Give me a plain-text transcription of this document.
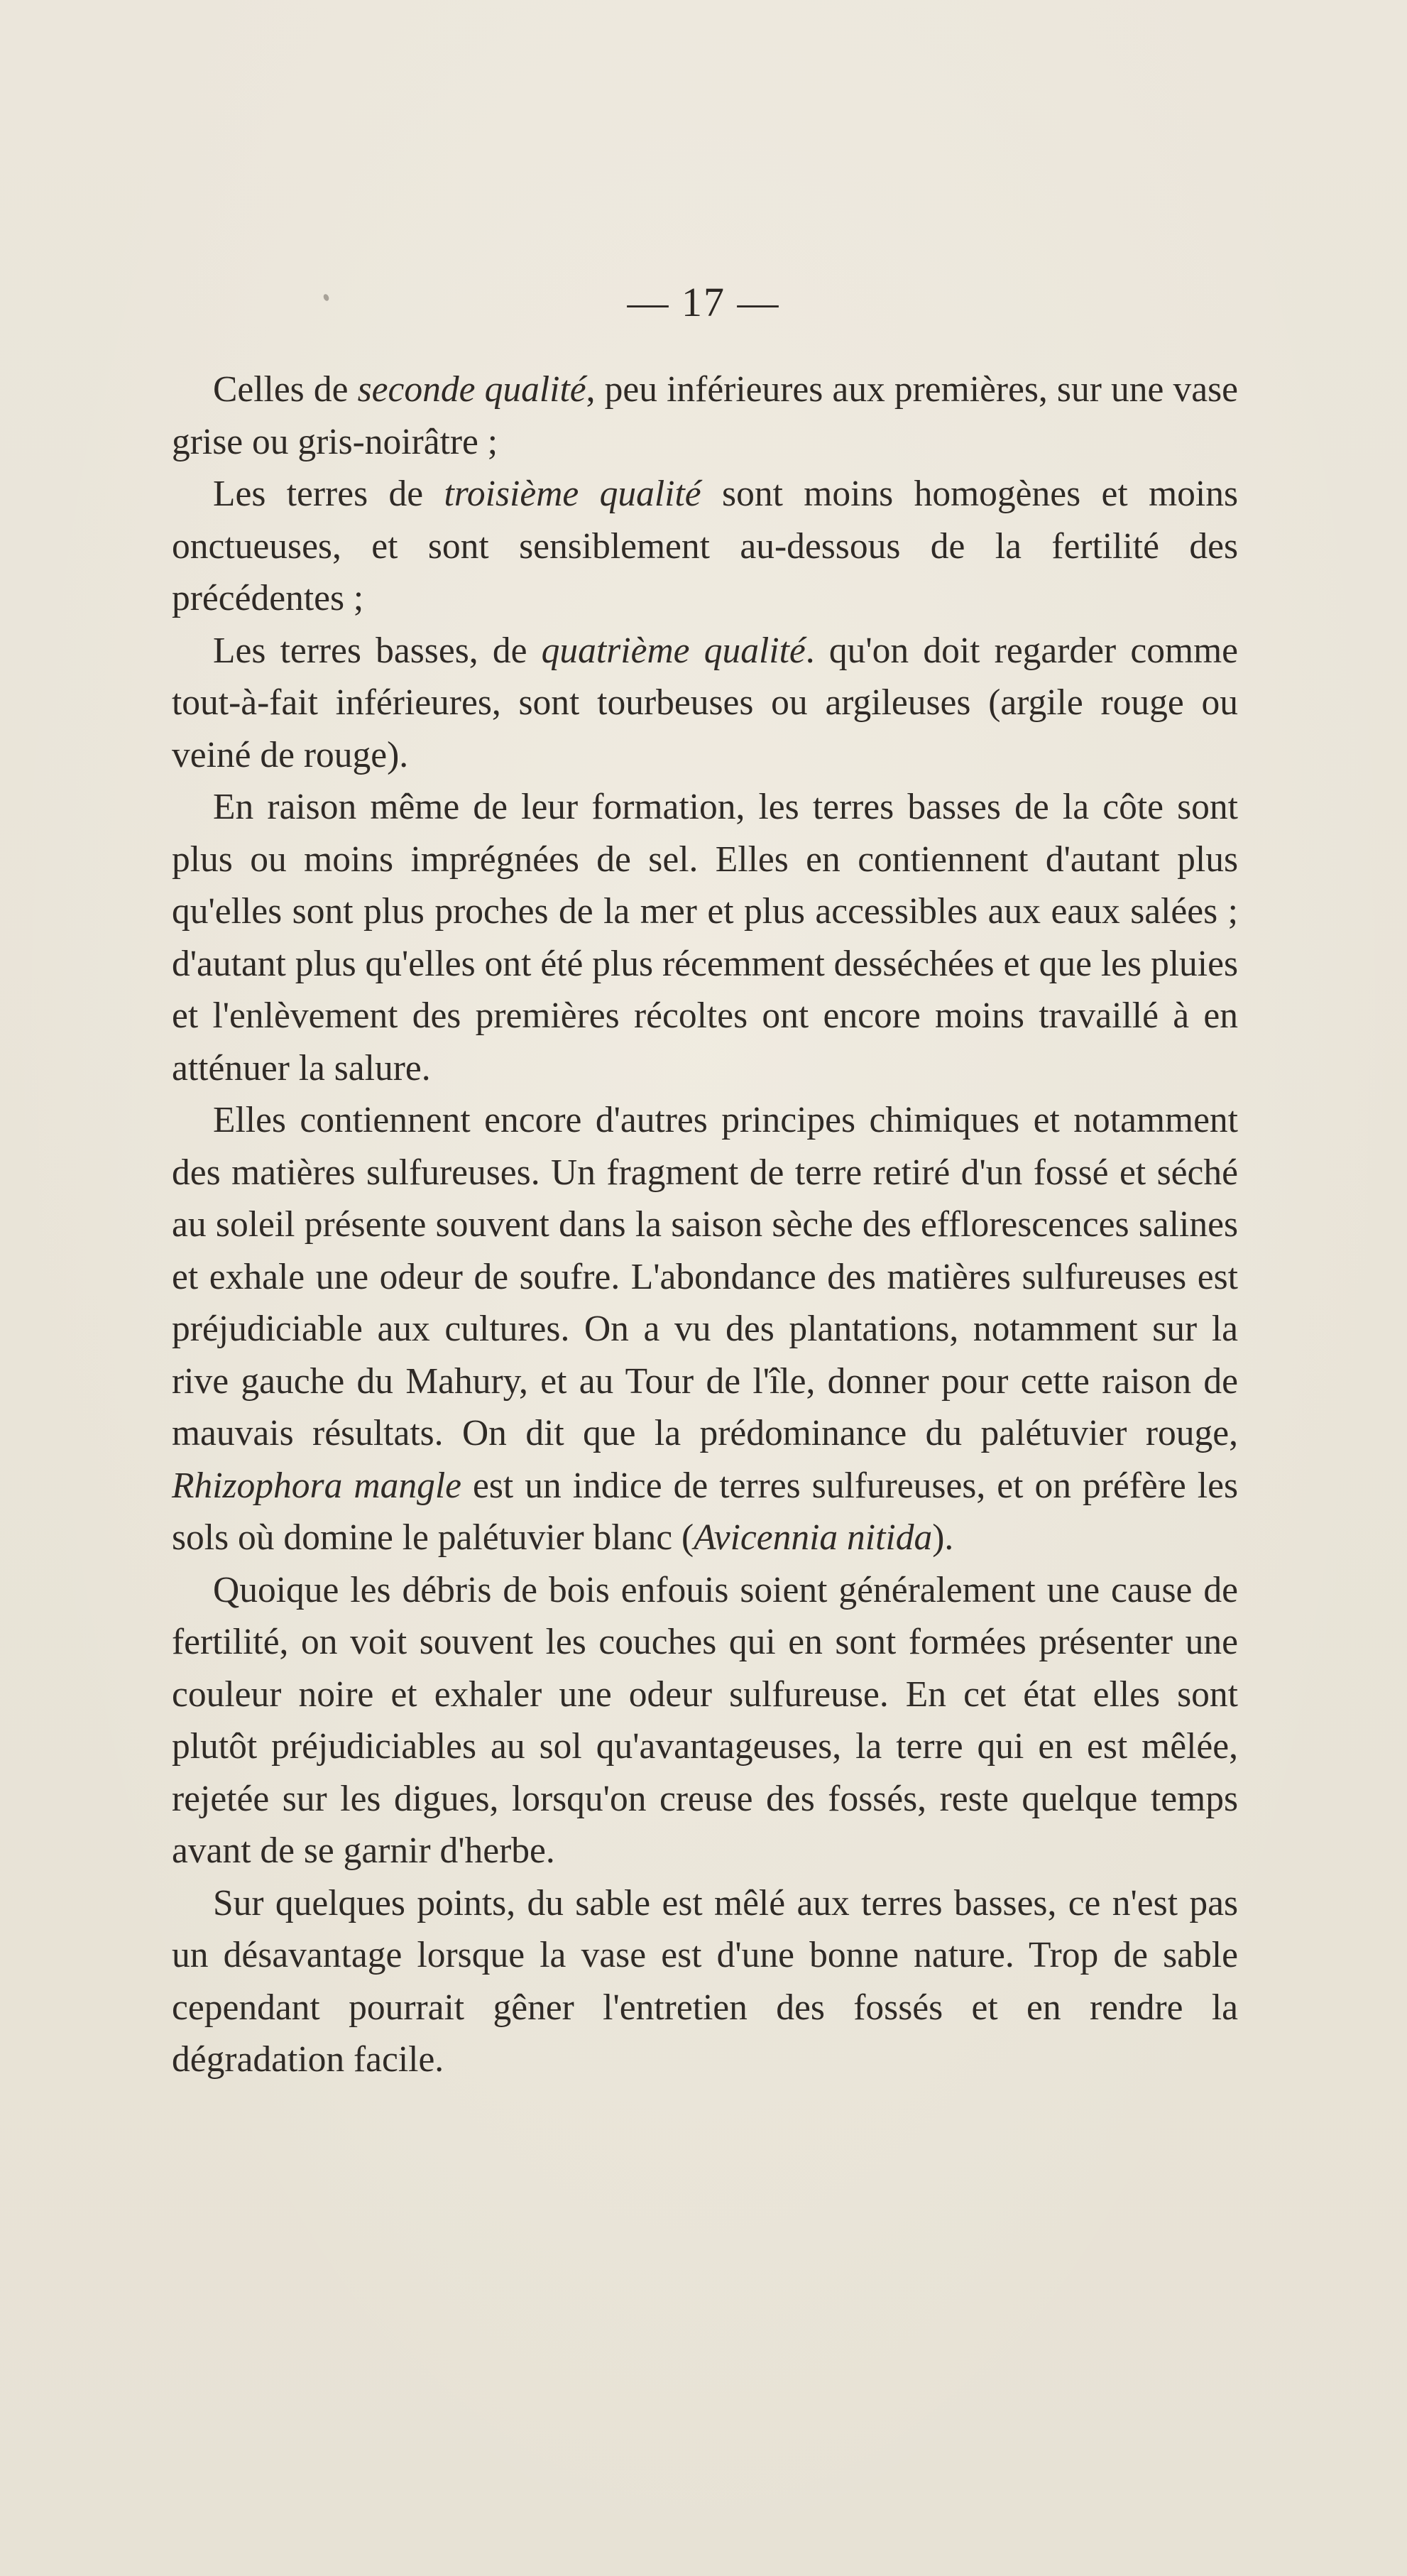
— 17 —

Celles de seconde qualité, peu inférieures aux premières, sur une vase grise ou gris-noirâtre ;

Les terres de troisième qualité sont moins homogènes et moins onctueuses, et sont sensiblement au-dessous de la fertilité des précédentes ;

Les terres basses, de quatrième qualité. qu'on doit regarder comme tout-à-fait inférieures, sont tourbeuses ou argileuses (argile rouge ou veiné de rouge).

En raison même de leur formation, les terres basses de la côte sont plus ou moins imprégnées de sel. Elles en contiennent d'autant plus qu'elles sont plus proches de la mer et plus accessibles aux eaux salées ; d'autant plus qu'elles ont été plus récemment desséchées et que les pluies et l'enlèvement des premières récoltes ont encore moins travaillé à en atténuer la salure.

Elles contiennent encore d'autres principes chimiques et notamment des matières sulfureuses. Un fragment de terre retiré d'un fossé et séché au soleil présente souvent dans la saison sèche des efflorescences salines et exhale une odeur de soufre. L'abondance des matières sulfureuses est préjudiciable aux cultures. On a vu des plantations, notamment sur la rive gauche du Mahury, et au Tour de l'île, donner pour cette raison de mauvais résultats. On dit que la prédominance du palétuvier rouge, Rhizophora mangle est un indice de terres sulfureuses, et on préfère les sols où domine le palétuvier blanc (Avicennia nitida).

Quoique les débris de bois enfouis soient généralement une cause de fertilité, on voit souvent les couches qui en sont formées présenter une couleur noire et exhaler une odeur sulfureuse. En cet état elles sont plutôt préjudiciables au sol qu'avantageuses, la terre qui en est mêlée, rejetée sur les digues, lorsqu'on creuse des fossés, reste quelque temps avant de se garnir d'herbe.

Sur quelques points, du sable est mêlé aux terres basses, ce n'est pas un désavantage lorsque la vase est d'une bonne nature. Trop de sable cependant pourrait gêner l'entretien des fossés et en rendre la dégradation facile.
